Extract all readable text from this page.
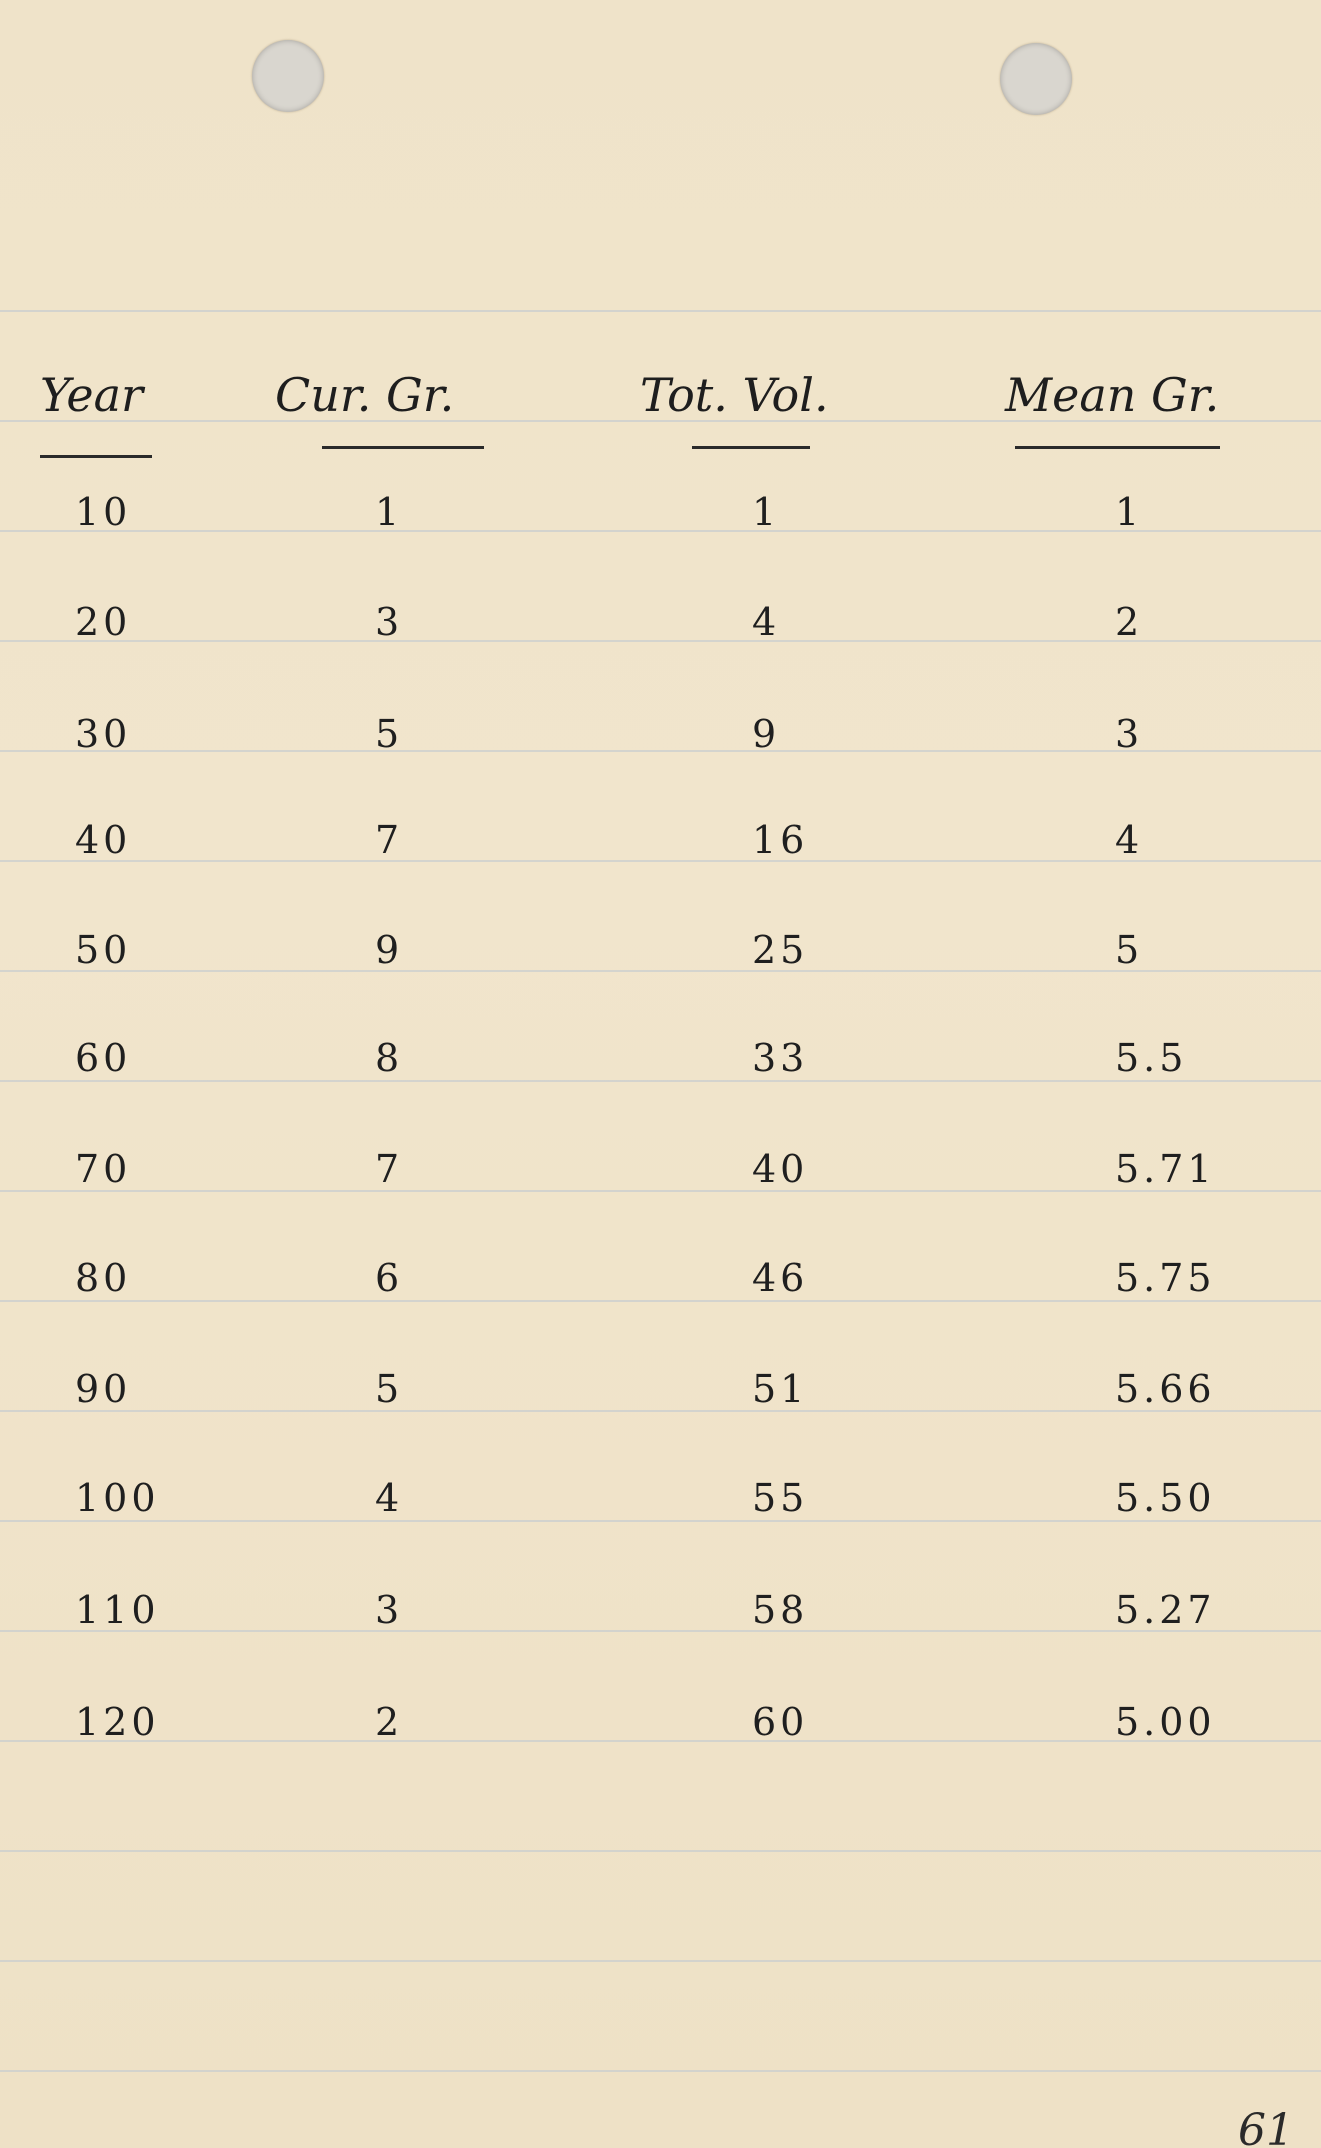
Year	Cur. Gr.	Tot. Vol.	Mean Gr.
10	1	1	1
20	3	4	2
30	5	9	3
40	7	16	4
50	9	25	5
60	8	33	5.5
70	7	40	5.71
80	6	46	5.75
90	5	51	5.66
100	4	55	5.50
110	3	58	5.27
120	2	60	5.00
61
